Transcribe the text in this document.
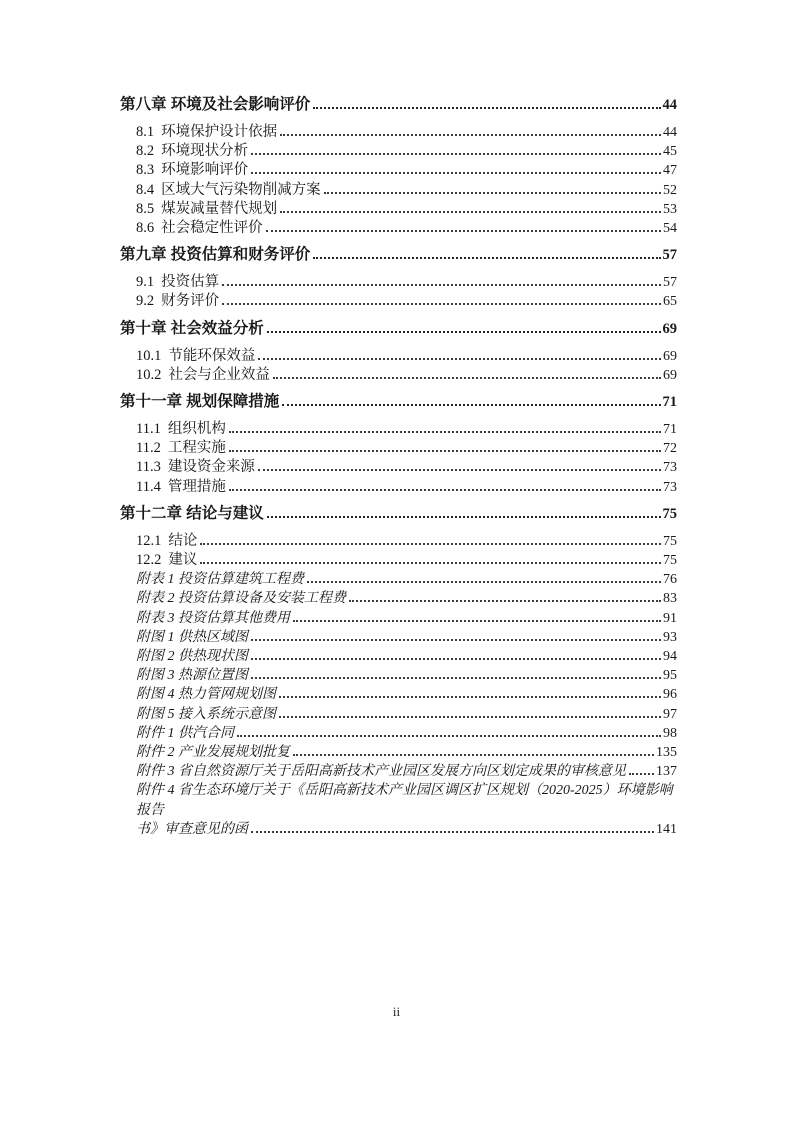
第八章 环境及社会影响评价	44
8.1 环境保护设计依据	44
8.2 环境现状分析	45
8.3 环境影响评价	47
8.4 区域大气污染物削减方案	52
8.5 煤炭减量替代规划	53
8.6 社会稳定性评价	54
第九章 投资估算和财务评价	57
9.1 投资估算	57
9.2 财务评价	65
第十章 社会效益分析	69
10.1 节能环保效益	69
10.2 社会与企业效益	69
第十一章 规划保障措施	71
11.1 组织机构	71
11.2 工程实施	72
11.3 建设资金来源	73
11.4 管理措施	73
第十二章 结论与建议	75
12.1 结论	75
12.2 建议	75
附表 1 投资估算建筑工程费	76
附表 2 投资估算设备及安装工程费	83
附表 3 投资估算其他费用	91
附图 1 供热区域图	93
附图 2 供热现状图	94
附图 3 热源位置图	95
附图 4 热力管网规划图	96
附图 5 接入系统示意图	97
附件 1 供汽合同	98
附件 2 产业发展规划批复	135
附件 3 省自然资源厅关于岳阳高新技术产业园区发展方向区划定成果的审核意见 137
附件 4 省生态环境厅关于《岳阳高新技术产业园区调区扩区规划（2020-2025）环境影响报告
书》审查意见的函	141
ii
